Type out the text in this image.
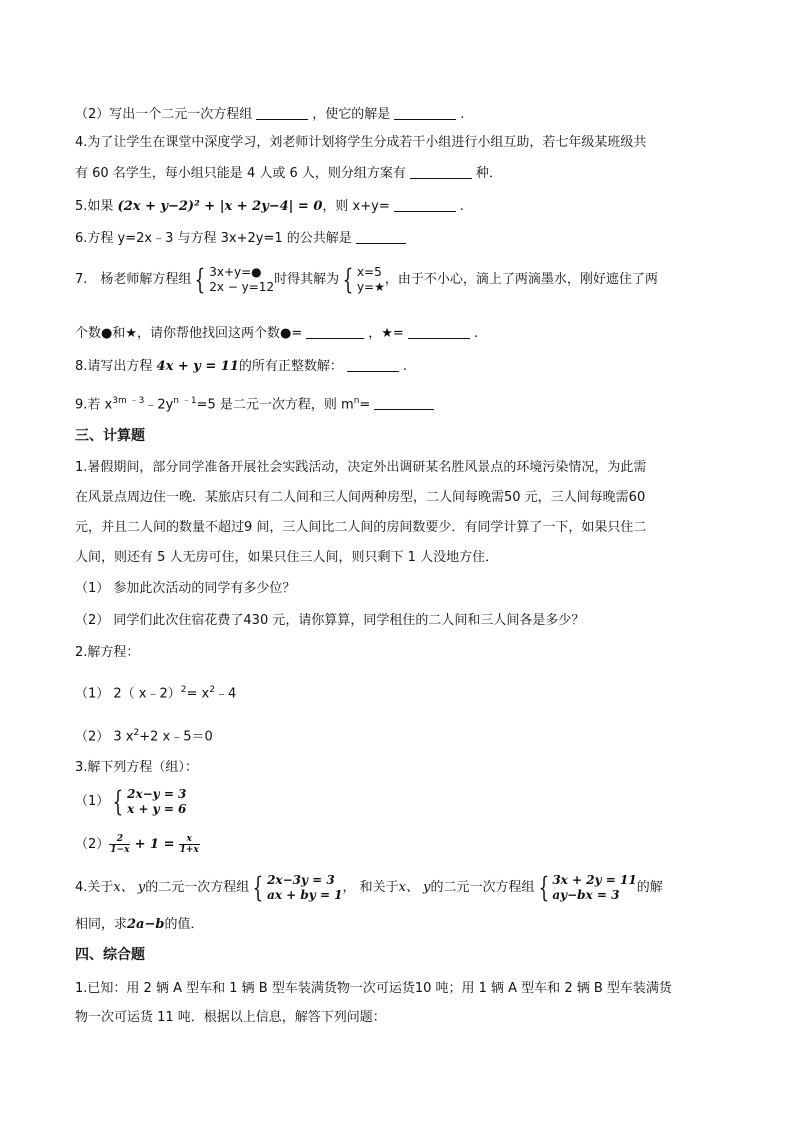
（2）写出一个二元一次方程组	，使它的解是	.
4.为了让学生在课堂中深度学习，刘老师计划将学生分成若干小组进行小组互助，若七年级某班级共
有 60 名学生，每小组只能是 4 人或 6 人，则分组方案有	种．
5.如果 (2x + y−2)² + |x + 2y−4| = 0，则 x+y=	.
6.方程 y=2x﹣3 与方程 3x+2y=1 的公共解是
7.　杨老师解方程组 { 3x+y=●
2x − y=12 时得其解为 { x=5
y=★ ，由于不小心，滴上了两滴墨水，刚好遮住了两
个数●和★，请你帮他找回这两个数●=	，★=	.
8.请写出方程 4x + y = 11的所有正整数解：	.
9.若 $x^{3m ﹣3}﹣2y^{n ﹣1}=5$ 是二元一次方程，则 $m^n=$
三、计算题
1.暑假期间，部分同学准备开展社会实践活动，决定外出调研某名胜风景点的环境污染情况，为此需
在风景点周边住一晚．某旅店只有二人间和三人间两种房型，二人间每晚需50 元，三人间每晚需60
元，并且二人间的数量不超过9 间，三人间比二人间的房间数要少．有同学计算了一下，如果只住二
人间，则还有 5 人无房可住，如果只住三人间，则只剩下 1 人没地方住．
（1） 参加此次活动的同学有多少位？
（2） 同学们此次住宿花费了430 元，请你算算，同学租住的二人间和三人间各是多少？
2.解方程：
（1） 2（ x﹣2）$^2$= $x^2﹣4$
（2） 3 $x^2+2$ x﹣5＝0
3.解下列方程（组）：
（1） { 2x−y = 3
x + y = 6
$(2) \frac{2}{1-x} + 1 = \frac{x}{1+x}$
4.关于x、 y的二元一次方程组 { 2x−3y = 3
ax + by = 1 ， 和关于x、 y的二元一次方程组 { 3x + 2y = 11
ay−bx = 3	的解
相同，求2a−b的值．
四、综合题
1.已知：用 2 辆 A 型车和 1 辆 B 型车装满货物一次可运货10 吨；用 1 辆 A 型车和 2 辆 B 型车装满货
物一次可运货 11 吨．根据以上信息，解答下列问题：
